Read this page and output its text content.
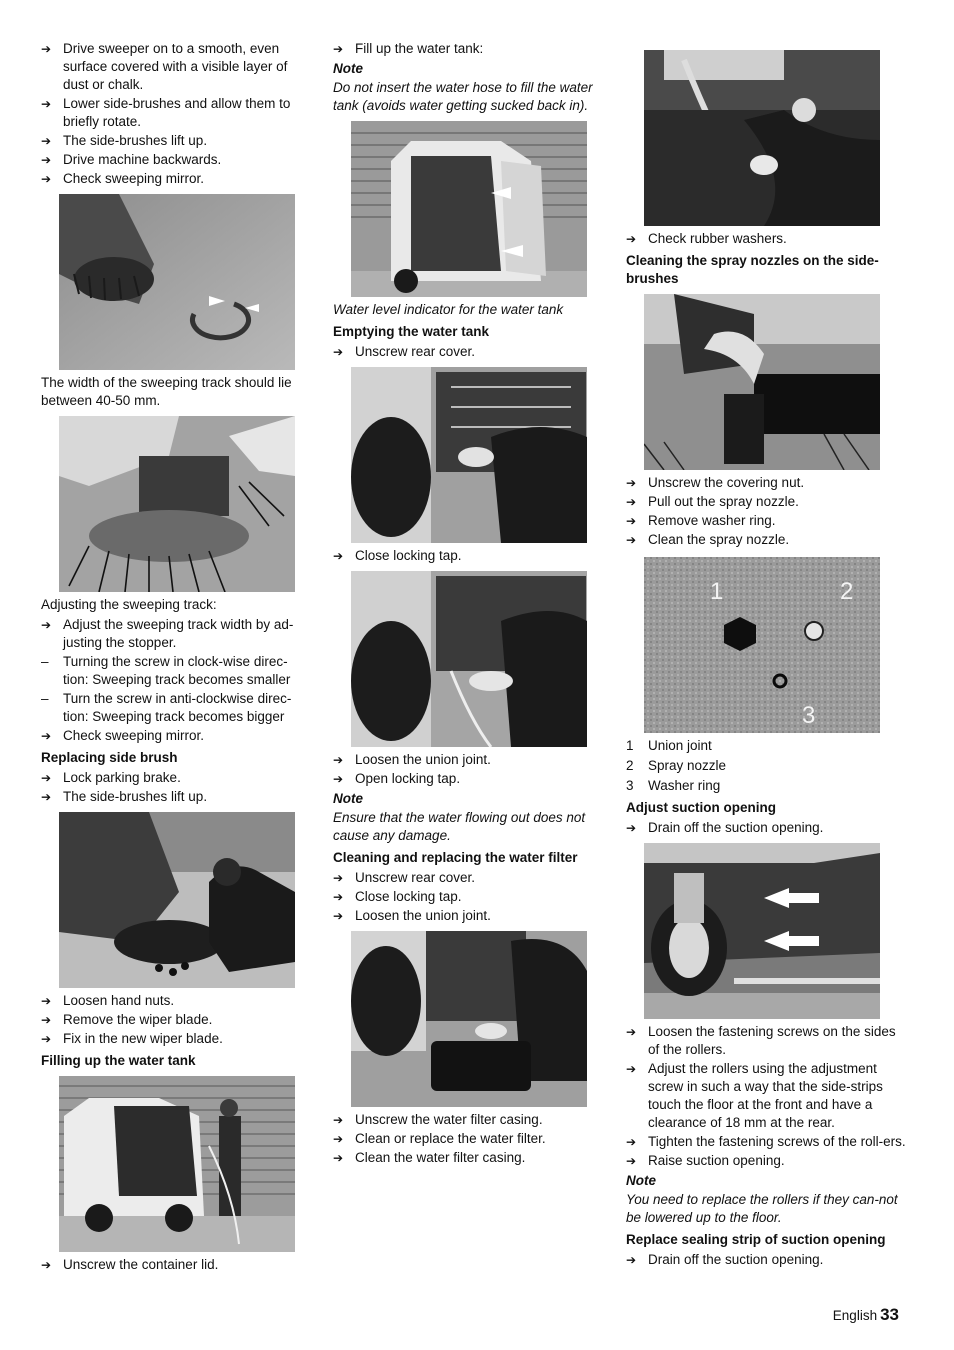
➔ Drive sweeper on to a smooth, even surface covered with a visible layer of dust or chalk.
➔ Lower side-brushes and allow them to briefly rotate.
➔ The side-brushes lift up.
➔ Drive machine backwards.
➔ Check sweeping mirror.
The width of the sweeping track should lie between 40-50 mm.
Adjusting the sweeping track:
➔ Adjust the sweeping track width by ad-justing the stopper.
–	Turning the screw in clock-wise direc-tion: Sweeping track becomes smaller
–	Turn the screw in anti-clockwise direc-tion: Sweeping track becomes bigger
➔ Check sweeping mirror.
Replacing side brush
➔ Lock parking brake.
➔ The side-brushes lift up.
➔ Loosen hand nuts.
➔ Remove the wiper blade.
➔ Fix in the new wiper blade.
Filling up the water tank
➔ Unscrew the container lid.
➔ Fill up the water tank:
Note
Do not insert the water hose to fill the water tank (avoids water getting sucked back in).
Water level indicator for the water tank
Emptying the water tank
➔ Unscrew rear cover.
➔ Close locking tap.
➔ Loosen the union joint.
➔ Open locking tap.
Note
Ensure that the water flowing out does not cause any damage.
Cleaning and replacing the water filter
➔ Unscrew rear cover.
➔ Close locking tap.
➔ Loosen the union joint.
➔ Unscrew the water filter casing.
➔ Clean or replace the water filter.
➔ Clean the water filter casing.
➔ Check rubber washers.
Cleaning the spray nozzles on the side-brushes
➔ Unscrew the covering nut.
➔ Pull out the spray nozzle.
➔ Remove washer ring.
➔ Clean the spray nozzle.
1	2
3
1	Union joint
2	Spray nozzle
3	Washer ring
Adjust suction opening
➔ Drain off the suction opening.
➔ Loosen the fastening screws on the sides of the rollers.
➔ Adjust the rollers using the adjustment screw in such a way that the side-strips touch the floor at the front and have a clearance of 18 mm at the rear.
➔ Tighten the fastening screws of the roll-ers.
➔ Raise suction opening.
Note
You need to replace the rollers if they can-not be lowered up to the floor.
Replace sealing strip of suction opening
➔ Drain off the suction opening.
English 33
